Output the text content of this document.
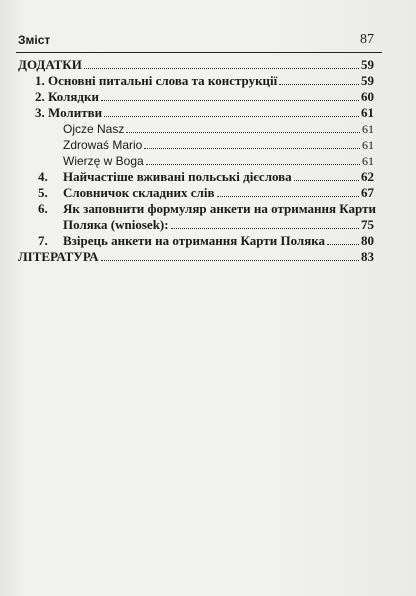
Зміст	87
ДОДАТКИ	59
1. Основні питальні слова та конструкції	59
2. Колядки	60
3. Молитви	61
Ojcze Nasz	61
Zdrowaś Mario	61
Wierzę w Boga	61
4. Найчастіше вживані польські дієслова	62
5. Словничок складних слів	67
6. Як заповнити формуляр анкети на отримання Карти
Поляка (wniosek):	75
7. Взірець анкети на отримання Карти Поляка	80
ЛІТЕРАТУРА	83
